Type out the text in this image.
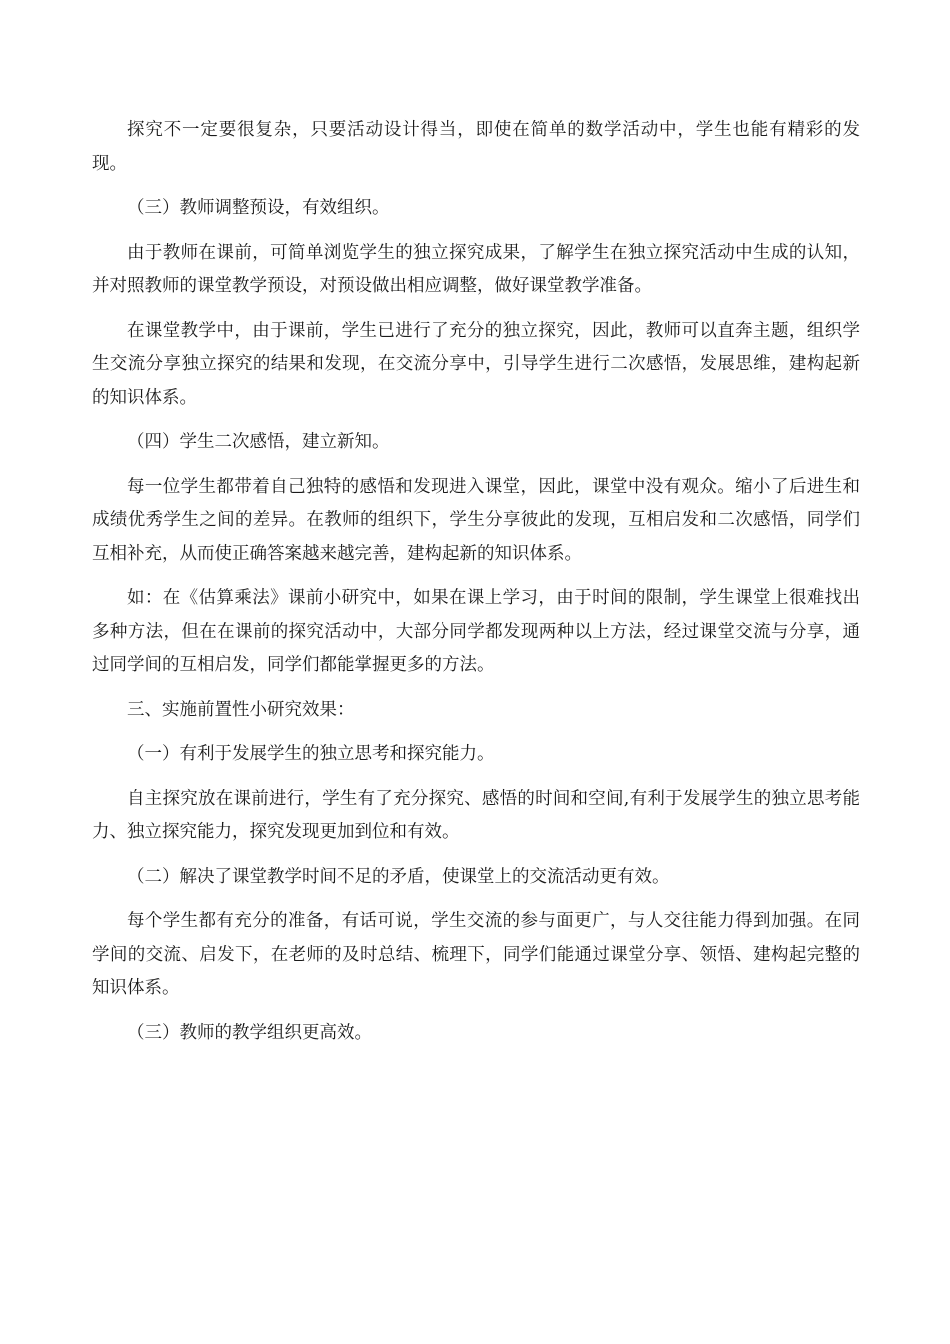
探究不一定要很复杂，只要活动设计得当，即使在简单的数学活动中，学生也能有精彩的发现。

（三）教师调整预设，有效组织。

由于教师在课前，可简单浏览学生的独立探究成果，了解学生在独立探究活动中生成的认知，并对照教师的课堂教学预设，对预设做出相应调整，做好课堂教学准备。

在课堂教学中，由于课前，学生已进行了充分的独立探究，因此，教师可以直奔主题，组织学生交流分享独立探究的结果和发现，在交流分享中，引导学生进行二次感悟，发展思维，建构起新的知识体系。

（四）学生二次感悟，建立新知。

每一位学生都带着自己独特的感悟和发现进入课堂，因此，课堂中没有观众。缩小了后进生和成绩优秀学生之间的差异。在教师的组织下，学生分享彼此的发现，互相启发和二次感悟，同学们互相补充，从而使正确答案越来越完善，建构起新的知识体系。

如：在《估算乘法》课前小研究中，如果在课上学习，由于时间的限制，学生课堂上很难找出多种方法，但在在课前的探究活动中，大部分同学都发现两种以上方法，经过课堂交流与分享，通过同学间的互相启发，同学们都能掌握更多的方法。

三、实施前置性小研究效果：

（一）有利于发展学生的独立思考和探究能力。

自主探究放在课前进行，学生有了充分探究、感悟的时间和空间,有利于发展学生的独立思考能力、独立探究能力，探究发现更加到位和有效。

（二）解决了课堂教学时间不足的矛盾，使课堂上的交流活动更有效。

每个学生都有充分的准备，有话可说，学生交流的参与面更广，与人交往能力得到加强。在同学间的交流、启发下，在老师的及时总结、梳理下，同学们能通过课堂分享、领悟、建构起完整的知识体系。

（三）教师的教学组织更高效。
